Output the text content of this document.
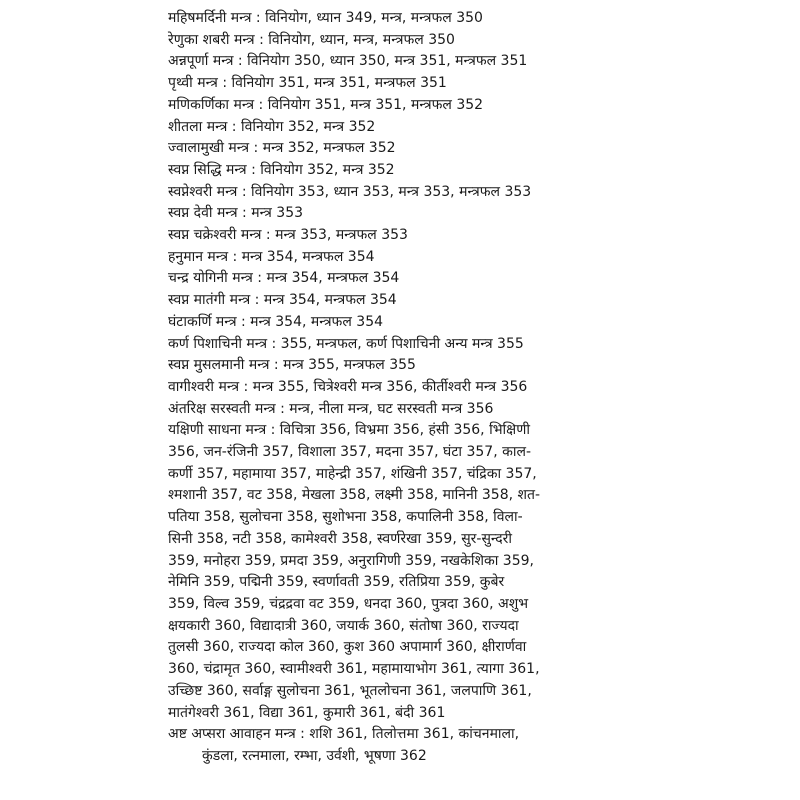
महिषमर्दिनी मन्त्र : विनियोग, ध्यान 349, मन्त्र, मन्त्रफल 350
रेणुका शबरी मन्त्र : विनियोग, ध्यान, मन्त्र, मन्त्रफल 350
अन्नपूर्णा मन्त्र : विनियोग 350, ध्यान 350, मन्त्र 351, मन्त्रफल 351
पृथ्वी मन्त्र : विनियोग 351, मन्त्र 351, मन्त्रफल 351
मणिकर्णिका मन्त्र : विनियोग 351, मन्त्र 351, मन्त्रफल 352
शीतला मन्त्र : विनियोग 352, मन्त्र 352
ज्वालामुखी मन्त्र : मन्त्र 352, मन्त्रफल 352
स्वप्न सिद्धि मन्त्र : विनियोग 352, मन्त्र 352
स्वप्नेश्वरी मन्त्र : विनियोग 353, ध्यान 353, मन्त्र 353, मन्त्रफल 353
स्वप्न देवी मन्त्र : मन्त्र 353
स्वप्न चक्रेश्वरी मन्त्र : मन्त्र 353, मन्त्रफल 353
हनुमान मन्त्र : मन्त्र 354, मन्त्रफल 354
चन्द्र योगिनी मन्त्र : मन्त्र 354, मन्त्रफल 354
स्वप्न मातंगी मन्त्र : मन्त्र 354, मन्त्रफल 354
घंटाकर्णि मन्त्र : मन्त्र 354, मन्त्रफल 354
कर्ण पिशाचिनी मन्त्र : 355, मन्त्रफल, कर्ण पिशाचिनी अन्य मन्त्र 355
स्वप्न मुसलमानी मन्त्र : मन्त्र 355, मन्त्रफल 355
वागीश्वरी मन्त्र : मन्त्र 355, चित्रेश्वरी मन्त्र 356, कीर्तीश्वरी मन्त्र 356
अंतरिक्ष सरस्वती मन्त्र : मन्त्र, नीला मन्त्र, घट सरस्वती मन्त्र 356
यक्षिणी साधना मन्त्र : विचित्रा 356, विभ्रमा 356, हंसी 356, भिक्षिणी
356, जन-रंजिनी 357, विशाला 357, मदना 357, घंटा 357, काल-
कर्णी 357, महामाया 357, माहेन्द्री 357, शंखिनी 357, चंद्रिका 357,
श्मशानी 357, वट 358, मेखला 358, लक्ष्मी 358, मानिनी 358, शत-
पतिया 358, सुलोचना 358, सुशोभना 358, कपालिनी 358, विला-
सिनी 358, नटी 358, कामेश्वरी 358, स्वर्णरेखा 359, सुर-सुन्दरी
359, मनोहरा 359, प्रमदा 359, अनुरागिणी 359, नखकेशिका 359,
नेमिनि 359, पद्मिनी 359, स्वर्णावती 359, रतिप्रिया 359, कुबेर
359, विल्व 359, चंद्रद्रवा वट 359, धनदा 360, पुत्रदा 360, अशुभ
क्षयकारी 360, विद्यादात्री 360, जयार्क 360, संतोषा 360, राज्यदा
तुलसी 360, राज्यदा कोल 360, कुश 360 अपामार्ग 360, क्षीरार्णवा
360, चंद्रामृत 360, स्वामीश्वरी 361, महामायाभोग 361, त्यागा 361,
उच्छिष्ट 360, सर्वाङ्ग सुलोचना 361, भूतलोचना 361, जलपाणि 361,
मातंगेश्वरी 361, विद्या 361, कुमारी 361, बंदी 361
अष्ट अप्सरा आवाहन मन्त्र : शशि 361, तिलोत्तमा 361, कांचनमाला,
कुंडला, रत्नमाला, रम्भा, उर्वशी, भूषणा 362
